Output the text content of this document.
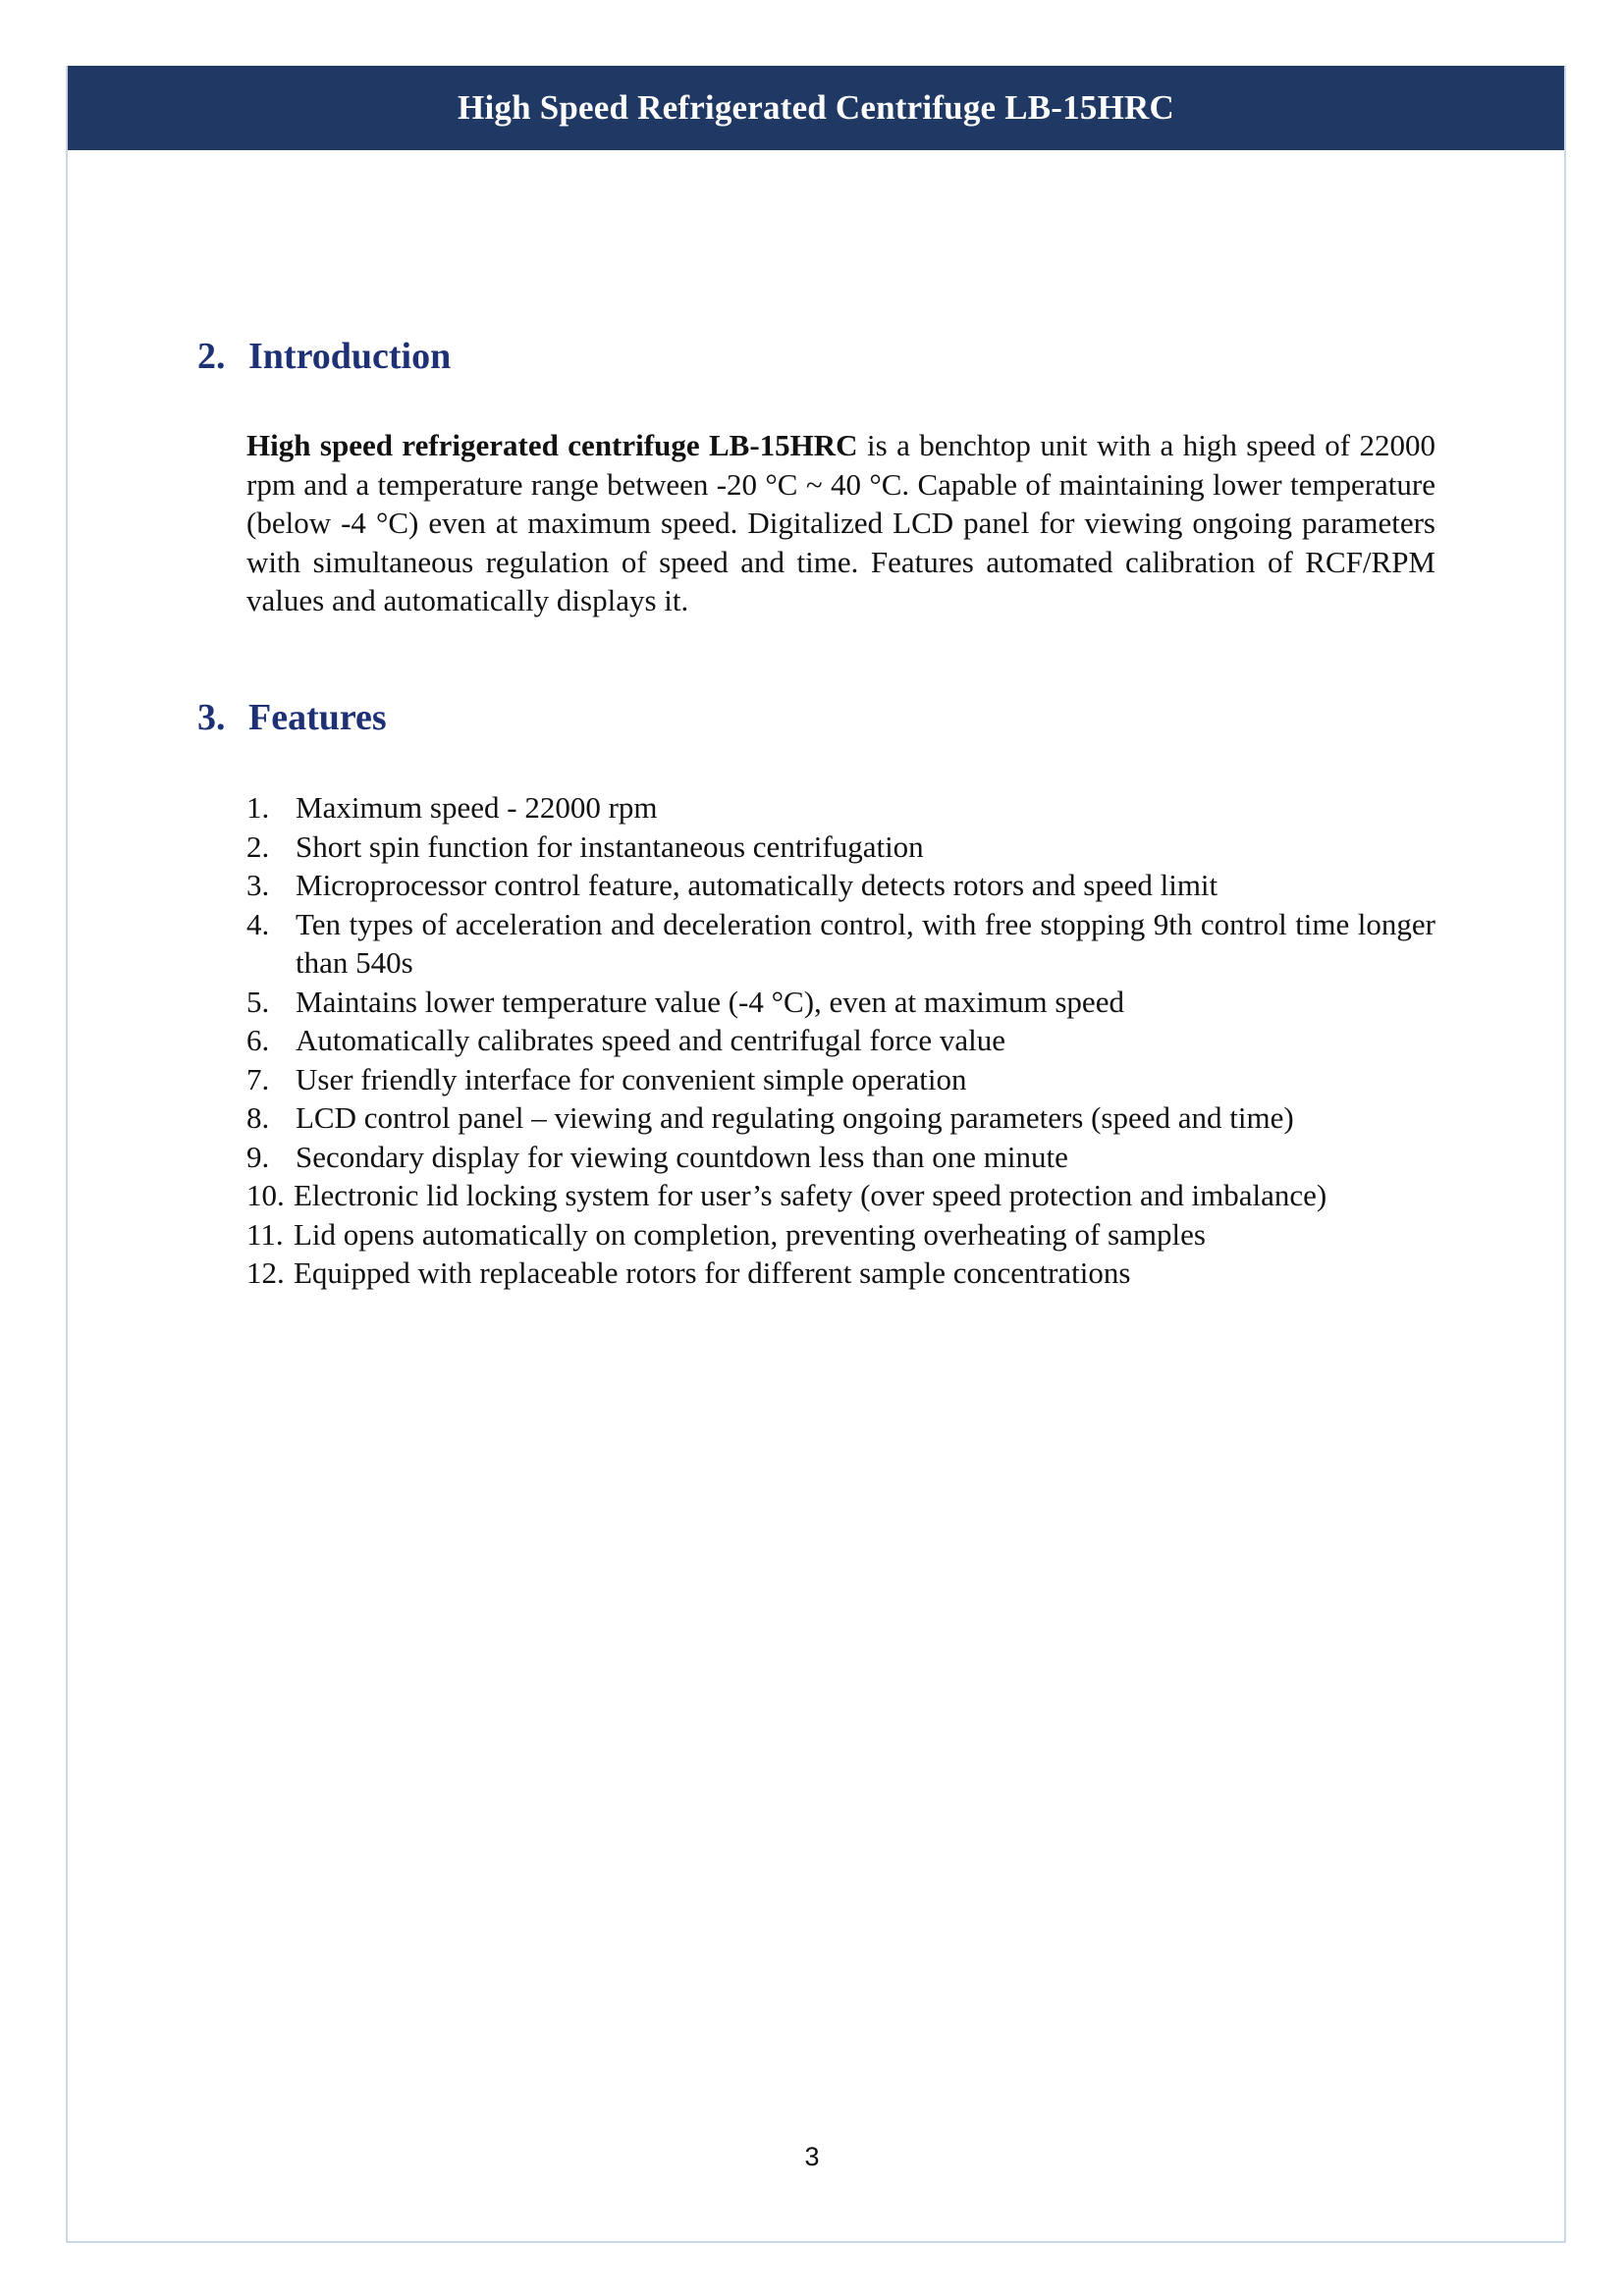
High Speed Refrigerated Centrifuge LB-15HRC
2. Introduction

High speed refrigerated centrifuge LB-15HRC is a benchtop unit with a high speed of 22000 rpm and a temperature range between -20 °C ~ 40 °C. Capable of maintaining lower temperature (below -4 °C) even at maximum speed. Digitalized LCD panel for viewing ongoing parameters with simultaneous regulation of speed and time. Features automated calibration of RCF/RPM values and automatically displays it.

3. Features
1. Maximum speed - 22000 rpm
2. Short spin function for instantaneous centrifugation
3. Microprocessor control feature, automatically detects rotors and speed limit
4. Ten types of acceleration and deceleration control, with free stopping 9th control time longer than 540s
5. Maintains lower temperature value (-4 °C), even at maximum speed
6. Automatically calibrates speed and centrifugal force value
7. User friendly interface for convenient simple operation
8. LCD control panel – viewing and regulating ongoing parameters (speed and time)
9. Secondary display for viewing countdown less than one minute
10. Electronic lid locking system for user’s safety (over speed protection and imbalance)
11. Lid opens automatically on completion, preventing overheating of samples
12. Equipped with replaceable rotors for different sample concentrations
3
